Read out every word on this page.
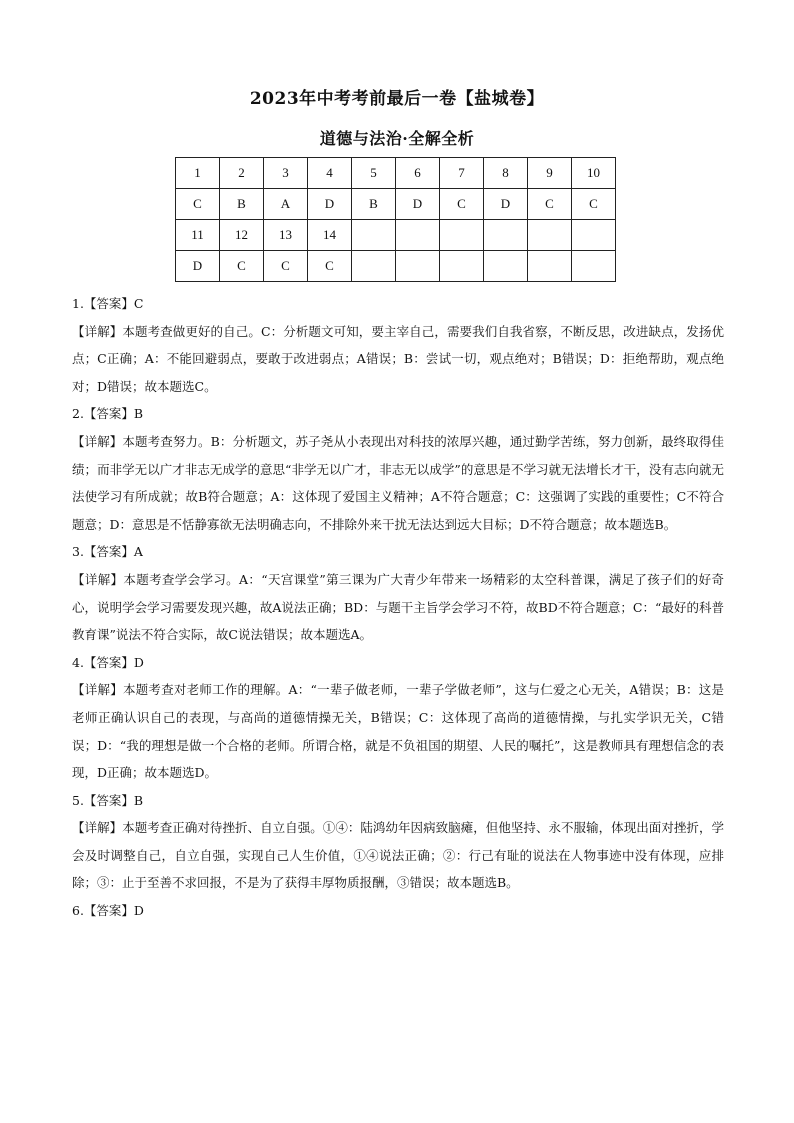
2023年中考考前最后一卷【盐城卷】
道德与法治·全解全析
1	2	3	4	5	6	7	8	9	10
C	B	A	D	B	D	C	D	C	C
11	12	13	14						
D	C	C	C						

1.【答案】C

【详解】本题考查做更好的自己。C：分析题文可知，要主宰自己，需要我们自我省察，不断反思，改进缺点，发扬优点；C正确；A：不能回避弱点，要敢于改进弱点；A错误；B：尝试一切，观点绝对；B错误；D：拒绝帮助，观点绝对；D错误；故本题选C。

2.【答案】B

【详解】本题考查努力。B：分析题文，苏子尧从小表现出对科技的浓厚兴趣，通过勤学苦练，努力创新，最终取得佳绩；而非学无以广才非志无成学的意思“非学无以广才，非志无以成学”的意思是不学习就无法增长才干，没有志向就无法使学习有所成就；故B符合题意；A：这体现了爱国主义精神；A不符合题意；C：这强调了实践的重要性；C不符合题意；D：意思是不恬静寡欲无法明确志向，不排除外来干扰无法达到远大目标；D不符合题意；故本题选B。

3.【答案】A

【详解】本题考查学会学习。A：“天宫课堂”第三课为广大青少年带来一场精彩的太空科普课，满足了孩子们的好奇心，说明学会学习需要发现兴趣，故A说法正确；BD：与题干主旨学会学习不符，故BD不符合题意；C：“最好的科普教育课”说法不符合实际，故C说法错误；故本题选A。

4.【答案】D

【详解】本题考查对老师工作的理解。A：“一辈子做老师，一辈子学做老师”，这与仁爱之心无关，A错误；B：这是老师正确认识自己的表现，与高尚的道德情操无关，B错误；C：这体现了高尚的道德情操，与扎实学识无关，C错误；D：“我的理想是做一个合格的老师。所谓合格，就是不负祖国的期望、人民的嘱托”，这是教师具有理想信念的表现，D正确；故本题选D。

5.【答案】B

【详解】本题考查正确对待挫折、自立自强。①④：陆鸿幼年因病致脑瘫，但他坚持、永不服输，体现出面对挫折，学会及时调整自己，自立自强，实现自己人生价值，①④说法正确；②：行己有耻的说法在人物事迹中没有体现，应排除；③：止于至善不求回报，不是为了获得丰厚物质报酬，③错误；故本题选B。

6.【答案】D
